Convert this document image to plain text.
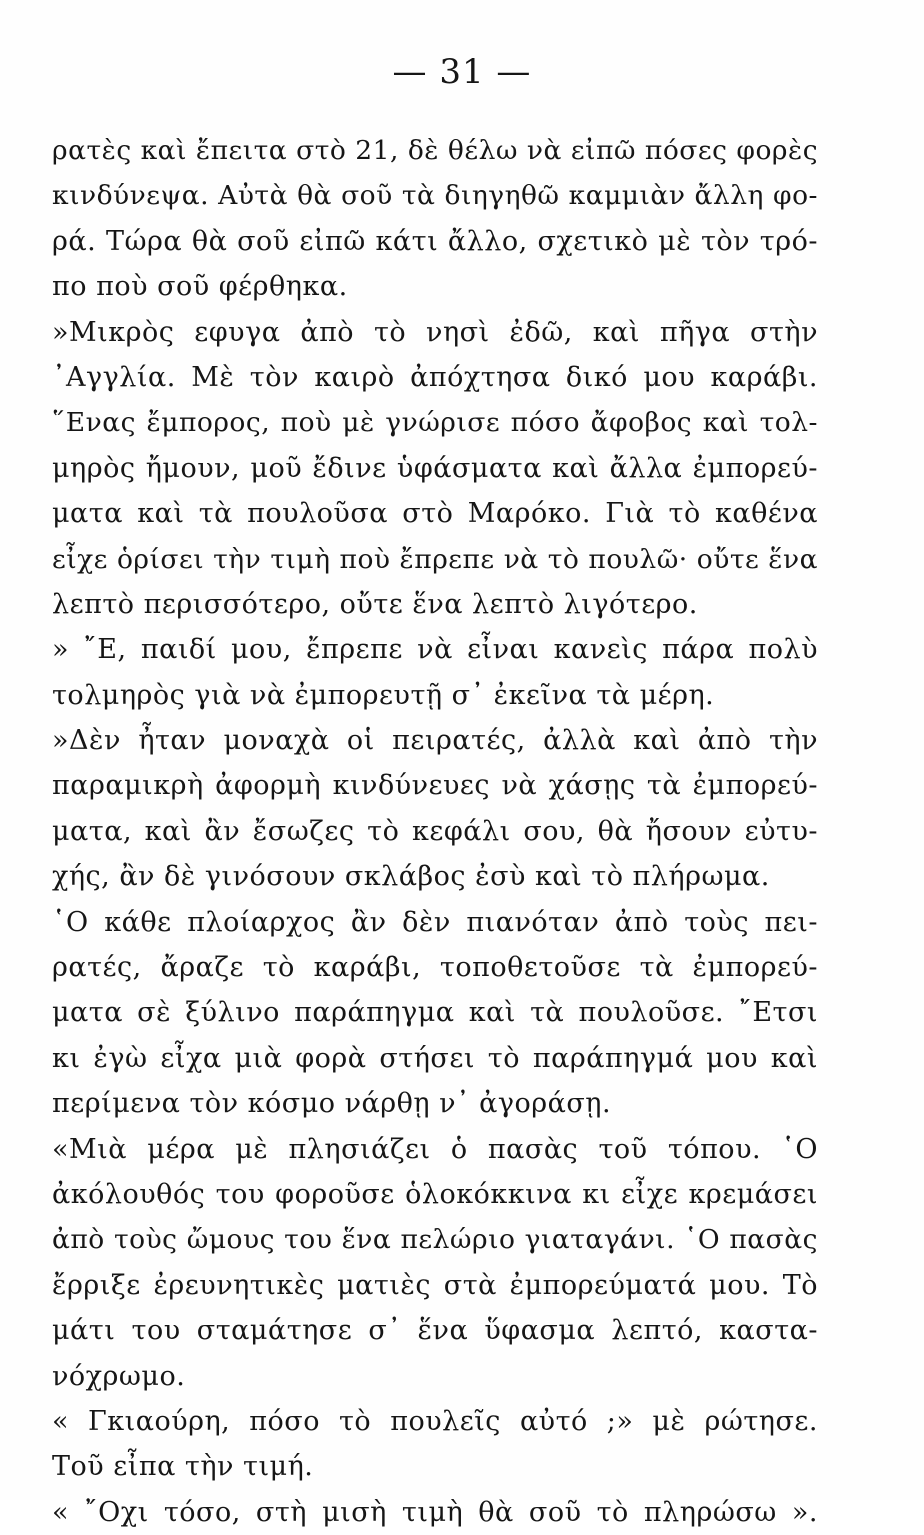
— 31 —
ρατὲς καὶ ἔπειτα στὸ 21, δὲ θέλω νὰ εἰπῶ πόσες φορὲς
κινδύνεψα. Αὐτὰ θὰ σοῦ τὰ διηγηθῶ καμμιὰν ἄλλη φο-
ρά. Τώρα θὰ σοῦ εἰπῶ κάτι ἄλλο, σχετικὸ μὲ τὸν τρό-
πο ποὺ σοῦ φέρθηκα.
»Μικρὸς εφυγα ἀπὸ τὸ νησὶ ἐδῶ, καὶ πῆγα στὴν
᾿Αγγλία. Μὲ τὸν καιρὸ ἀπόχτησα δικό μου καράβι.
῞Ενας ἔμπορος, ποὺ μὲ γνώρισε πόσο ἄφοβος καὶ τολ-
μηρὸς ἤμουν, μοῦ ἔδινε ὑφάσματα καὶ ἄλλα ἐμπορεύ-
ματα καὶ τὰ πουλοῦσα στὸ Μαρόκο. Γιὰ τὸ καθένα
εἶχε ὁρίσει τὴν τιμὴ ποὺ ἔπρεπε νὰ τὸ πουλῶ· οὔτε ἕνα
λεπτὸ περισσότερο, οὔτε ἕνα λεπτὸ λιγότερο.
» ῎Ε, παιδί μου, ἔπρεπε νὰ εἶναι κανεὶς πάρα πολὺ
τολμηρὸς γιὰ νὰ ἐμπορευτῇ σ᾿ ἐκεῖνα τὰ μέρη.
»Δὲν ἦταν μοναχὰ οἱ πειρατές, ἀλλὰ καὶ ἀπὸ τὴν
παραμικρὴ ἀφορμὴ κινδύνευες νὰ χάσῃς τὰ ἐμπορεύ-
ματα, καὶ ἂν ἔσωζες τὸ κεφάλι σου, θὰ ἤσουν εὐτυ-
χής, ἂν δὲ γινόσουν σκλάβος ἐσὺ καὶ τὸ πλήρωμα.
῾Ο κάθε πλοίαρχος ἂν δὲν πιανόταν ἀπὸ τοὺς πει-
ρατές, ἄραζε τὸ καράβι, τοποθετοῦσε τὰ ἐμπορεύ-
ματα σὲ ξύλινο παράπηγμα καὶ τὰ πουλοῦσε. ῎Ετσι
κι ἐγὼ εἶχα μιὰ φορὰ στήσει τὸ παράπηγμά μου καὶ
περίμενα τὸν κόσμο νάρθῃ ν᾿ ἀγοράσῃ.
«Μιὰ μέρα μὲ πλησιάζει ὁ πασὰς τοῦ τόπου. ῾Ο
ἀκόλουθός του φοροῦσε ὁλοκόκκινα κι εἶχε κρεμάσει
ἀπὸ τοὺς ὤμους του ἕνα πελώριο γιαταγάνι. ῾Ο πασὰς
ἔρριξε ἐρευνητικὲς ματιὲς στὰ ἐμπορεύματά μου. Τὸ
μάτι του σταμάτησε σ᾿ ἕνα ὕφασμα λεπτό, καστα-
νόχρωμο.
« Γκιαούρη, πόσο τὸ πουλεῖς αὐτό ;» μὲ ρώτησε.
Τοῦ εἶπα τὴν τιμή.
« ῎Οχι τόσο, στὴ μισὴ τιμὴ θὰ σοῦ τὸ πληρώσω ».
